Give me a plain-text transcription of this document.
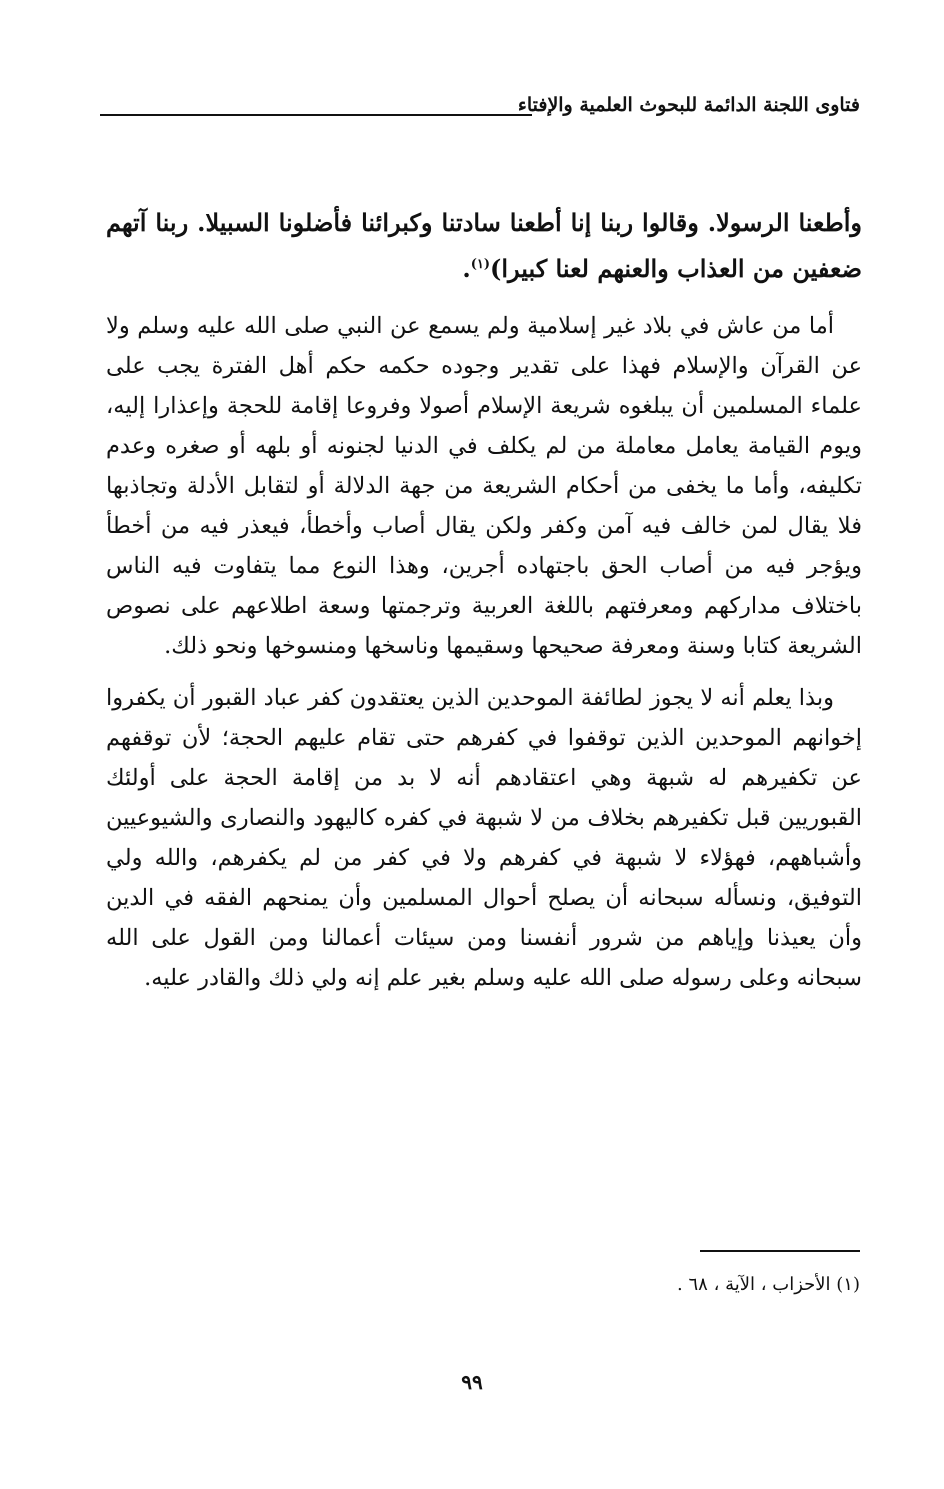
فتاوى اللجنة الدائمة للبحوث العلمية والإفتاء

وأطعنا الرسولا. وقالوا ربنا إنا أطعنا سادتنا وكبرائنا فأضلونا السبيلا. ربنا آتهم ضعفين من العذاب والعنهم لعنا كبيرا)$^{(١)}$.

أما من عاش في بلاد غير إسلامية ولم يسمع عن النبي صلى الله عليه وسلم ولا عن القرآن والإسلام فهذا على تقدير وجوده حكمه حكم أهل الفترة يجب على علماء المسلمين أن يبلغوه شريعة الإسلام أصولا وفروعا إقامة للحجة وإعذارا إليه، ويوم القيامة يعامل معاملة من لم يكلف في الدنيا لجنونه أو بلهه أو صغره وعدم تكليفه، وأما ما يخفى من أحكام الشريعة من جهة الدلالة أو لتقابل الأدلة وتجاذبها فلا يقال لمن خالف فيه آمن وكفر ولكن يقال أصاب وأخطأ، فيعذر فيه من أخطأ ويؤجر فيه من أصاب الحق باجتهاده أجرين، وهذا النوع مما يتفاوت فيه الناس باختلاف مداركهم ومعرفتهم باللغة العربية وترجمتها وسعة اطلاعهم على نصوص الشريعة كتابا وسنة ومعرفة صحيحها وسقيمها وناسخها ومنسوخها ونحو ذلك.

وبذا يعلم أنه لا يجوز لطائفة الموحدين الذين يعتقدون كفر عباد القبور أن يكفروا إخوانهم الموحدين الذين توقفوا في كفرهم حتى تقام عليهم الحجة؛ لأن توقفهم عن تكفيرهم له شبهة وهي اعتقادهم أنه لا بد من إقامة الحجة على أولئك القبوريين قبل تكفيرهم بخلاف من لا شبهة في كفره كاليهود والنصارى والشيوعيين وأشباههم، فهؤلاء لا شبهة في كفرهم ولا في كفر من لم يكفرهم، والله ولي التوفيق، ونسأله سبحانه أن يصلح أحوال المسلمين وأن يمنحهم الفقه في الدين وأن يعيذنا وإياهم من شرور أنفسنا ومن سيئات أعمالنا ومن القول على الله سبحانه وعلى رسوله صلى الله عليه وسلم بغير علم إنه ولي ذلك والقادر عليه.

(١) الأحزاب ، الآية ، ٦٨ .
٩٩
